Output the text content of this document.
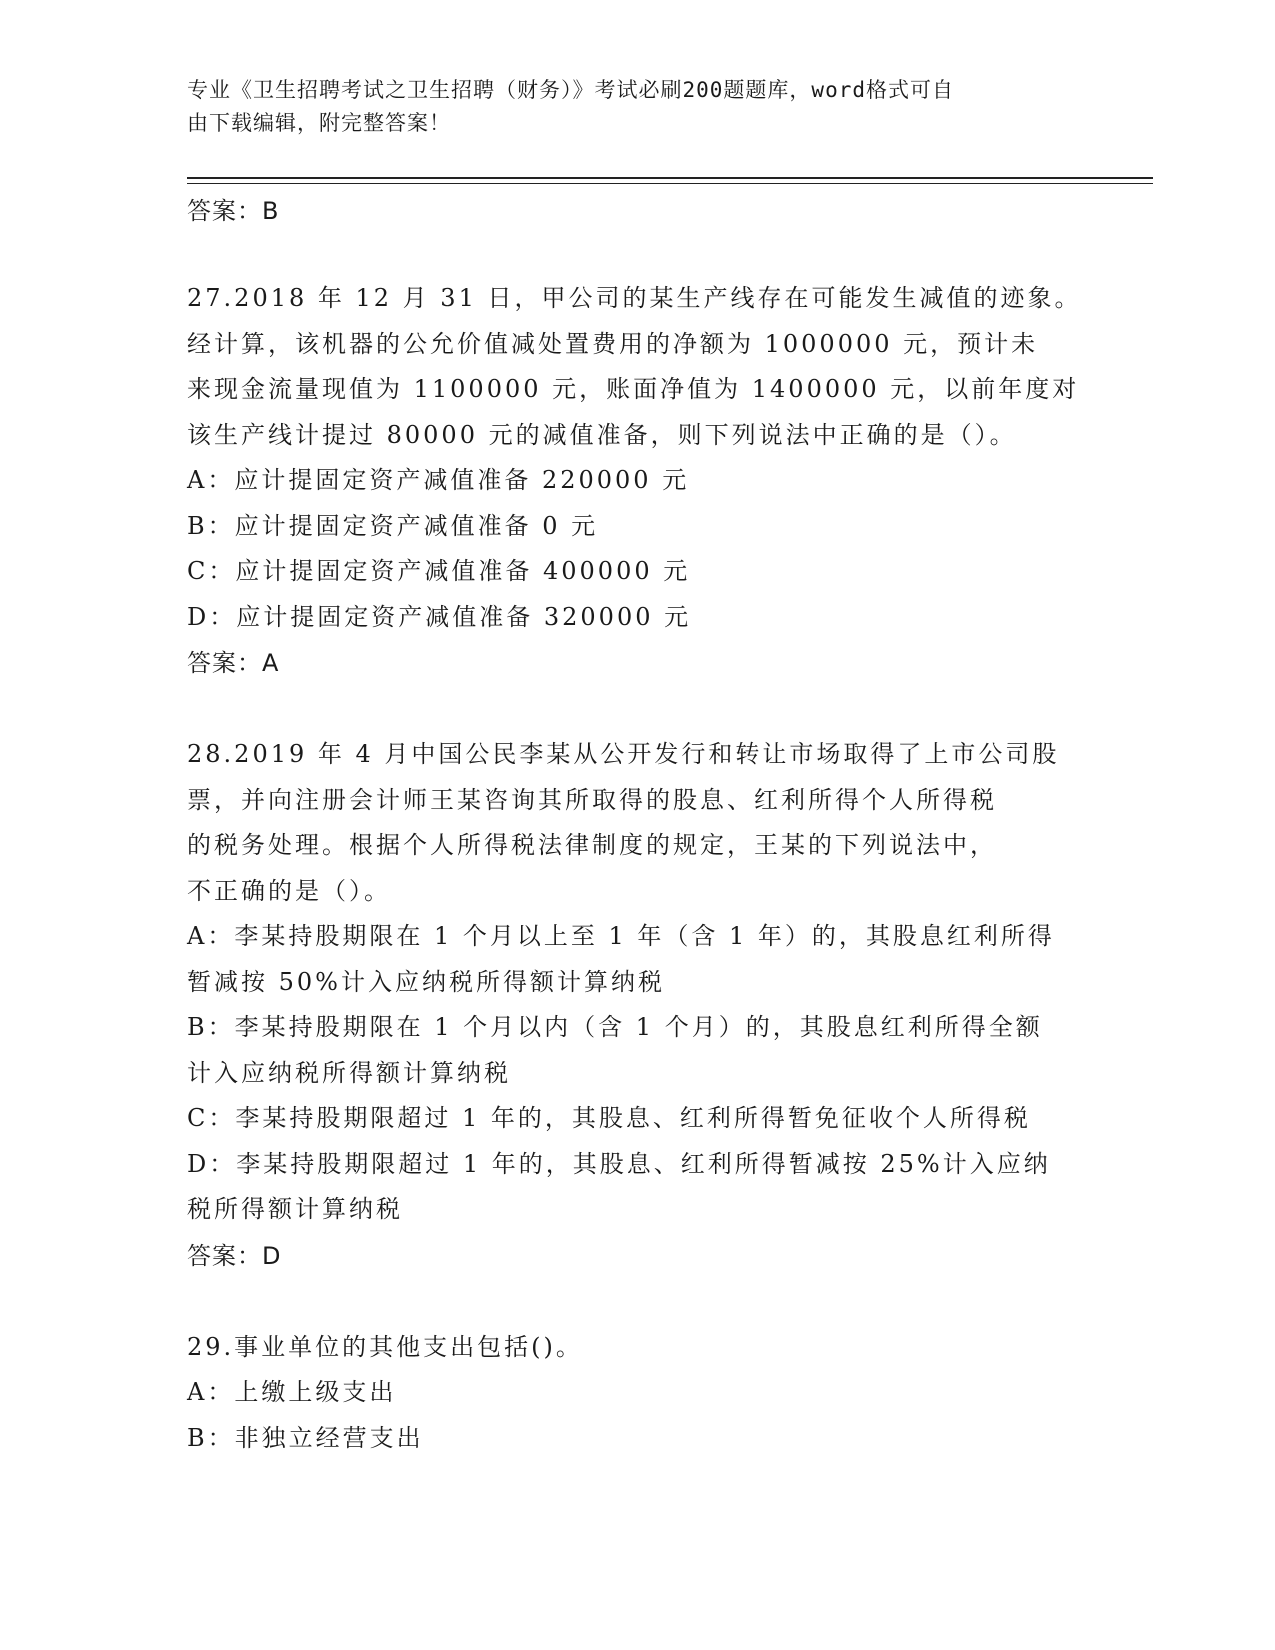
专业《卫生招聘考试之卫生招聘（财务）》考试必刷200题题库，word格式可自
由下载编辑，附完整答案！
答案：B
27.2018 年 12 月 31 日，甲公司的某生产线存在可能发生减值的迹象。
经计算，该机器的公允价值减处置费用的净额为 1000000 元，预计未
来现金流量现值为 1100000 元，账面净值为 1400000 元，以前年度对
该生产线计提过 80000 元的减值准备，则下列说法中正确的是（）。
A：应计提固定资产减值准备 220000 元
B：应计提固定资产减值准备 0 元
C：应计提固定资产减值准备 400000 元
D：应计提固定资产减值准备 320000 元
答案：A
28.2019 年 4 月中国公民李某从公开发行和转让市场取得了上市公司股
票，并向注册会计师王某咨询其所取得的股息、红利所得个人所得税
的税务处理。根据个人所得税法律制度的规定，王某的下列说法中，
不正确的是（）。
A：李某持股期限在 1 个月以上至 1 年（含 1 年）的，其股息红利所得
暂减按 50%计入应纳税所得额计算纳税
B：李某持股期限在 1 个月以内（含 1 个月）的，其股息红利所得全额
计入应纳税所得额计算纳税
C：李某持股期限超过 1 年的，其股息、红利所得暂免征收个人所得税
D：李某持股期限超过 1 年的，其股息、红利所得暂减按 25%计入应纳
税所得额计算纳税
答案：D
29.事业单位的其他支出包括()。
A：上缴上级支出
B：非独立经营支出
